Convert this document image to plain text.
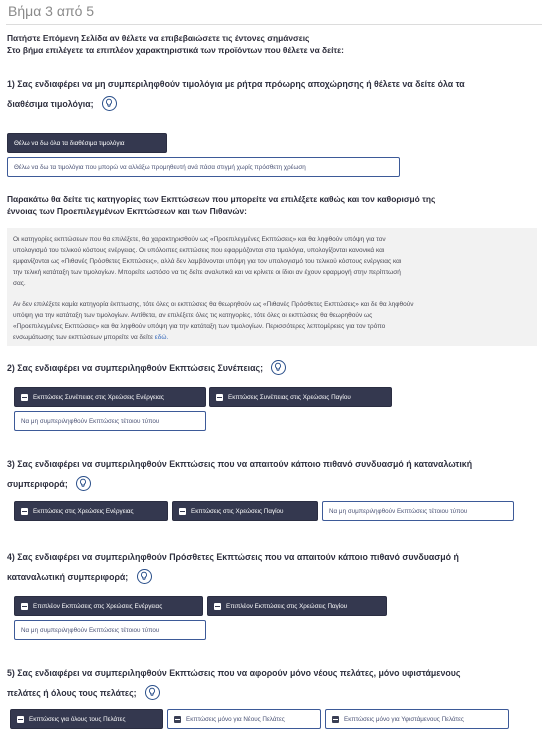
Βήμα 3 από 5
Πατήστε Επόμενη Σελίδα αν θέλετε να επιβεβαιώσετε τις έντονες σημάνσεις
Στο βήμα επιλέγετε τα επιπλέον χαρακτηριστικά των προϊόντων που θέλετε να δείτε:
1) Σας ενδιαφέρει να μη συμπεριληφθούν τιμολόγια με ρήτρα πρόωρης αποχώρησης ή θέλετε να δείτε όλα τα
διαθέσιμα τιμολόγια;
Θέλω να δω όλα τα διαθέσιμα τιμολόγια
Θέλω να δω τα τιμολόγια που μπορώ να αλλάξω προμηθευτή ανά πάσα στιγμή χωρίς πρόσθετη χρέωση
Παρακάτω θα δείτε τις κατηγορίες των Εκπτώσεων που μπορείτε να επιλέξετε καθώς και τον καθορισμό της
έννοιας των Προεπιλεγμένων Εκπτώσεων και των Πιθανών:

Οι κατηγορίες εκπτώσεων που θα επιλέξετε, θα χαρακτηρισθούν ως «Προεπιλεγμένες Εκπτώσεις» και θα ληφθούν υπόψη για τον
υπολογισμό του τελικού κόστους ενέργειας. Οι υπόλοιπες εκπτώσεις που εφαρμόζονται στα τιμολόγια, υπολογίζονται κανονικά και
εμφανίζονται ως «Πιθανές Πρόσθετες Εκπτώσεις», αλλά δεν λαμβάνονται υπόψη για τον υπολογισμό του τελικού κόστους ενέργειας και
την τελική κατάταξη των τιμολογίων. Μπορείτε ωστόσο να τις δείτε αναλυτικά και να κρίνετε οι ίδιοι αν έχουν εφαρμογή στην περίπτωσή
σας.

Αν δεν επιλέξετε καμία κατηγορία έκπτωσης, τότε όλες οι εκπτώσεις θα θεωρηθούν ως «Πιθανές Πρόσθετες Εκπτώσεις» και δε θα ληφθούν
υπόψη για την κατάταξη των τιμολογίων. Αντίθετα, αν επιλέξετε όλες τις κατηγορίες, τότε όλες οι εκπτώσεις θα θεωρηθούν ως
«Προεπιλεγμένες Εκπτώσεις» και θα ληφθούν υπόψη για την κατάταξη των τιμολογίων. Περισσότερες λεπτομέρειες για τον τρόπο
ενσωμάτωσης των εκπτώσεων μπορείτε να δείτε εδώ.

2) Σας ενδιαφέρει να συμπεριληφθούν Εκπτώσεις Συνέπειας;
Εκπτώσεις Συνέπειας στις Χρεώσεις Ενέργειας	Εκπτώσεις Συνέπειας στις Χρεώσεις Παγίου
Να μη συμπεριληφθούν Εκπτώσεις τέτοιου τύπου
3) Σας ενδιαφέρει να συμπεριληφθούν Εκπτώσεις που να απαιτούν κάποιο πιθανό συνδυασμό ή καταναλωτική
συμπεριφορά;
Εκπτώσεις στις Χρεώσεις Ενέργειας	Εκπτώσεις στις Χρεώσεις Παγίου	Να μη συμπεριληφθούν Εκπτώσεις τέτοιου τύπου
4) Σας ενδιαφέρει να συμπεριληφθούν Πρόσθετες Εκπτώσεις που να απαιτούν κάποιο πιθανό συνδυασμό ή
καταναλωτική συμπεριφορά;
Επιπλέον Εκπτώσεις στις Χρεώσεις Ενέργειας	Επιπλέον Εκπτώσεις στις Χρεώσεις Παγίου
Να μη συμπεριληφθούν Εκπτώσεις τέτοιου τύπου
5) Σας ενδιαφέρει να συμπεριληφθούν Εκπτώσεις που να αφορούν μόνο νέους πελάτες, μόνο υφιστάμενους
πελάτες ή όλους τους πελάτες;
Εκπτώσεις για όλους τους Πελάτες	Εκπτώσεις μόνο για Νέους Πελάτες	Εκπτώσεις μόνο για Υφιστάμενους Πελάτες
